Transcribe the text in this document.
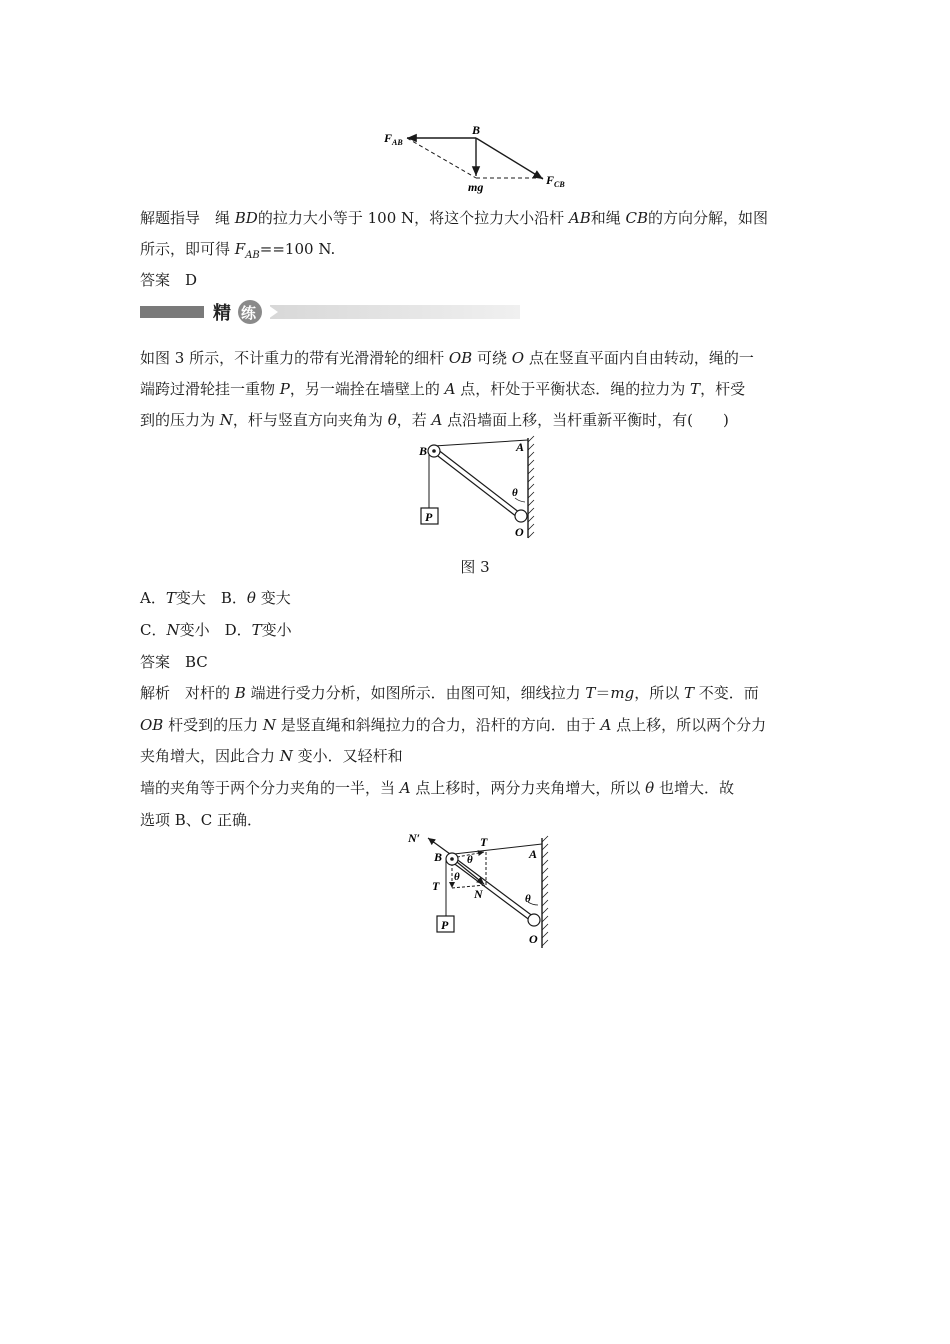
$F_{AB}$
B
mg	$F_{CB}$
解题指导　绳 BD的拉力大小等于 100 N，将这个拉力大小沿杆 AB和绳 CB的方向分解，如图
所示，即可得 $F_{AB}==100$ N.
答案　D
精 练
如图 3 所示，不计重力的带有光滑滑轮的细杆 OB 可绕 O 点在竖直平面内自由转动，绳的一
端跨过滑轮挂一重物 P，另一端拴在墙壁上的 A 点，杆处于平衡状态．绳的拉力为 T，杆受
到的压力为 N，杆与竖直方向夹角为 θ，若 A 点沿墙面上移，当杆重新平衡时，有(　　)
P
B	A
θ
O
图 3
A．T变大　B．θ 变大
C．N变小　D．T变小
答案　BC
解析　对杆的 B 端进行受力分析，如图所示．由图可知，细线拉力 T＝mg，所以 T 不变．而
OB 杆受到的压力 N 是竖直绳和斜绳拉力的合力，沿杆的方向．由于 A 点上移，所以两个分力
夹角增大，因此合力 N 变小．又轻杆和
墙的夹角等于两个分力夹角的一半，当 A 点上移时，两分力夹角增大，所以 θ 也增大．故
选项 B、C 正确．
P
N′
B
T
θ
θ
T
N
A
θ
O
